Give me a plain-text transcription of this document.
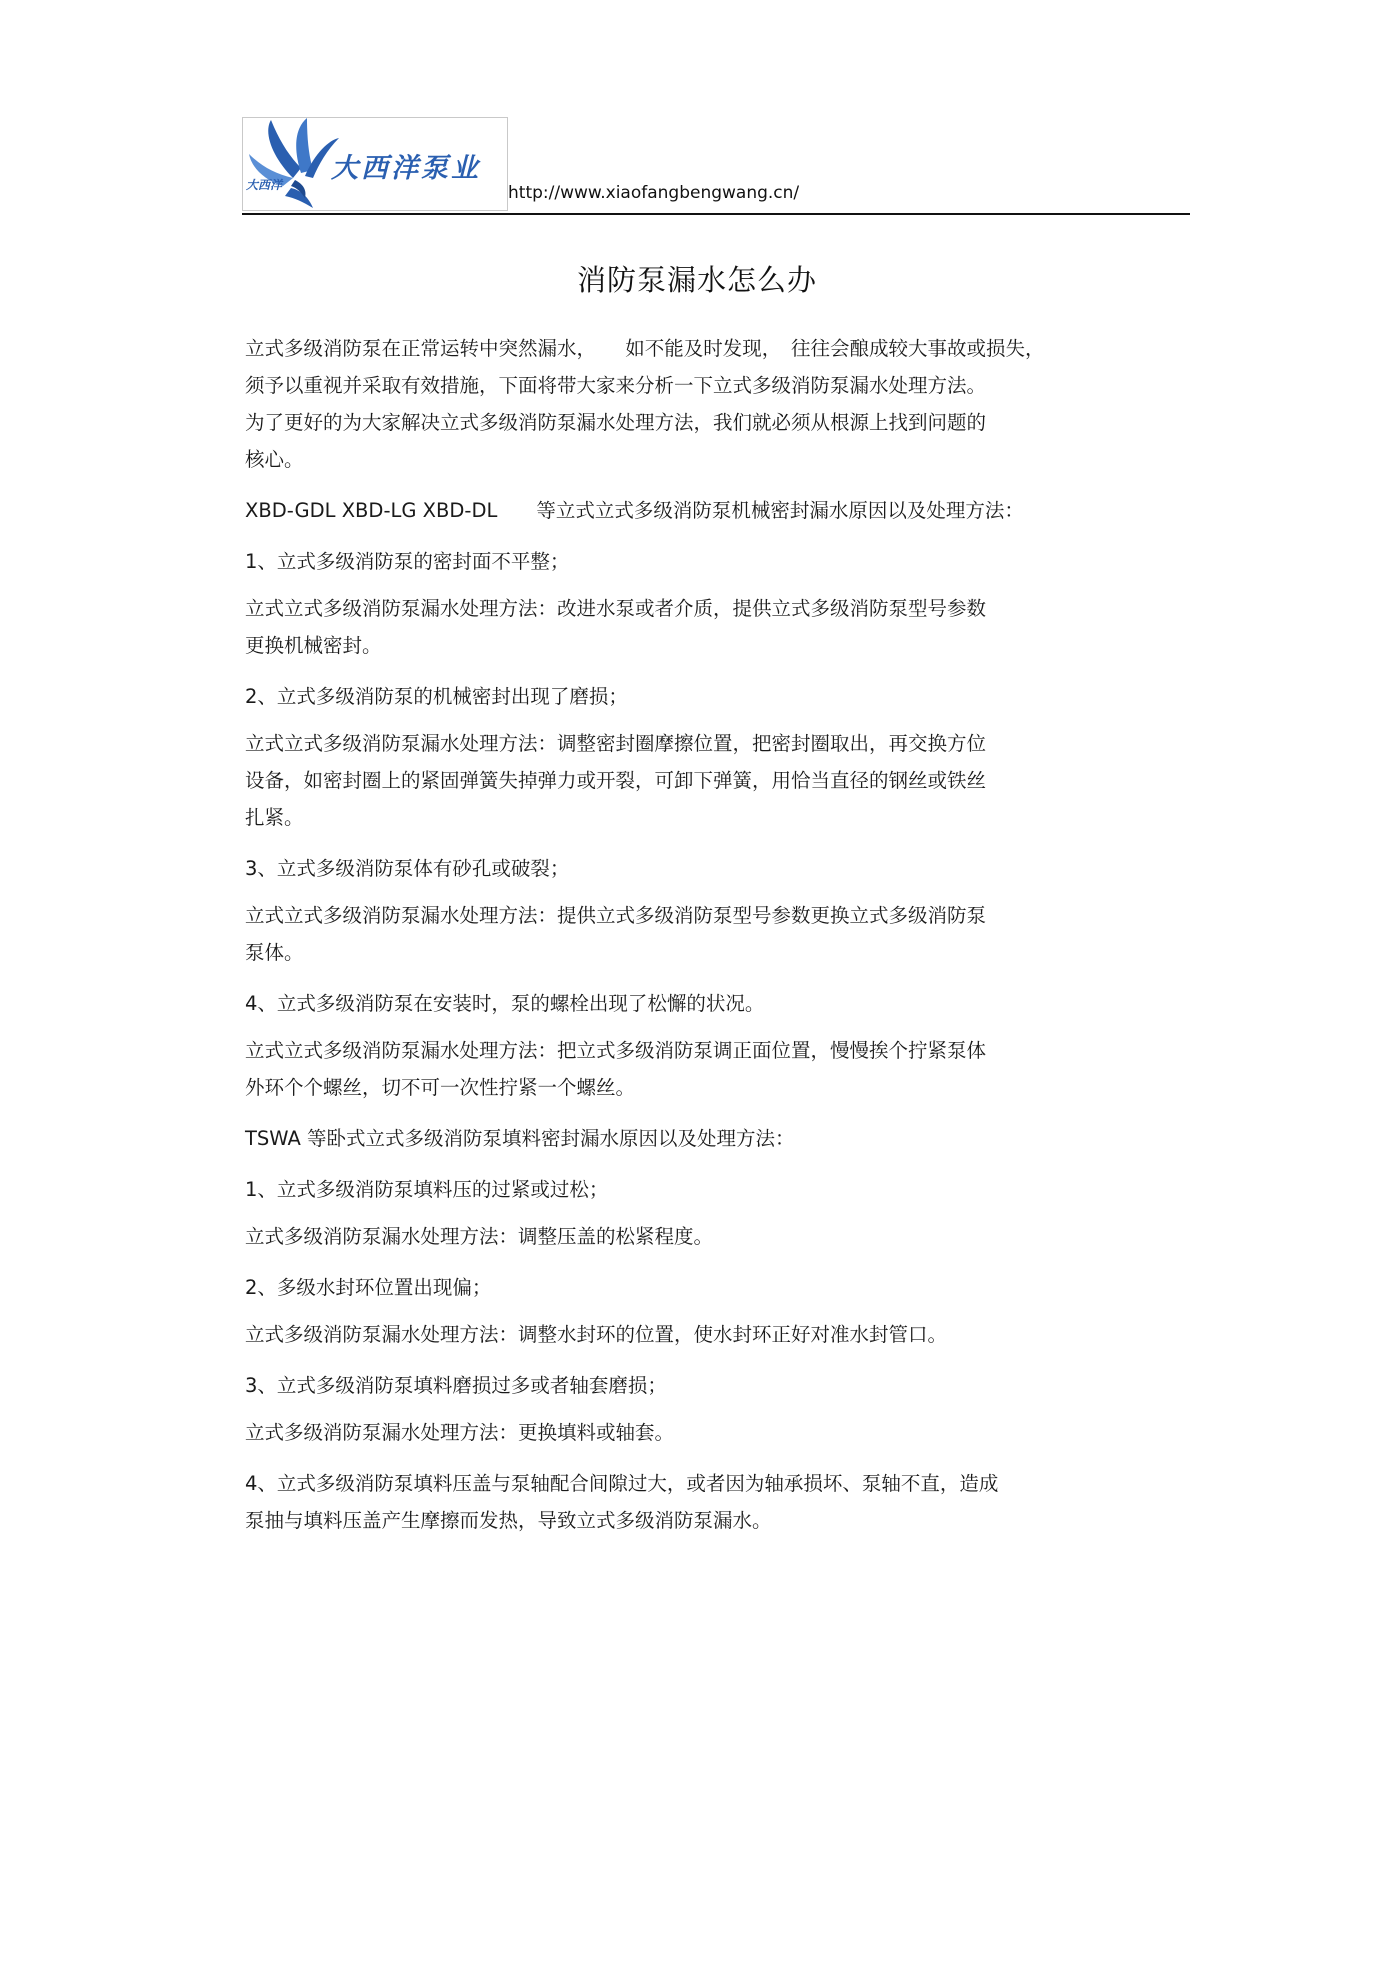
大西洋泵业
大西洋	http://www.xiaofangbengwang.cn/
消防泵漏水怎么办

立式多级消防泵在正常运转中突然漏水，　　如不能及时发现，　往往会酿成较大事故或损失，

须予以重视并采取有效措施，下面将带大家来分析一下立式多级消防泵漏水处理方法。

为了更好的为大家解决立式多级消防泵漏水处理方法，我们就必须从根源上找到问题的

核心。

XBD-GDL XBD-LG XBD-DL　　等立式立式多级消防泵机械密封漏水原因以及处理方法：

1、立式多级消防泵的密封面不平整；

立式立式多级消防泵漏水处理方法：改进水泵或者介质，提供立式多级消防泵型号参数

更换机械密封。

2、立式多级消防泵的机械密封出现了磨损；

立式立式多级消防泵漏水处理方法：调整密封圈摩擦位置，把密封圈取出，再交换方位

设备，如密封圈上的紧固弹簧失掉弹力或开裂，可卸下弹簧，用恰当直径的钢丝或铁丝

扎紧。

3、立式多级消防泵体有砂孔或破裂；

立式立式多级消防泵漏水处理方法：提供立式多级消防泵型号参数更换立式多级消防泵

泵体。

4、立式多级消防泵在安装时，泵的螺栓出现了松懈的状况。

立式立式多级消防泵漏水处理方法：把立式多级消防泵调正面位置，慢慢挨个拧紧泵体

外环个个螺丝，切不可一次性拧紧一个螺丝。

TSWA 等卧式立式多级消防泵填料密封漏水原因以及处理方法：

1、立式多级消防泵填料压的过紧或过松；

立式多级消防泵漏水处理方法：调整压盖的松紧程度。

2、多级水封环位置出现偏；

立式多级消防泵漏水处理方法：调整水封环的位置，使水封环正好对准水封管口。

3、立式多级消防泵填料磨损过多或者轴套磨损；

立式多级消防泵漏水处理方法：更换填料或轴套。

4、立式多级消防泵填料压盖与泵轴配合间隙过大，或者因为轴承损坏、泵轴不直，造成

泵抽与填料压盖产生摩擦而发热，导致立式多级消防泵漏水。
